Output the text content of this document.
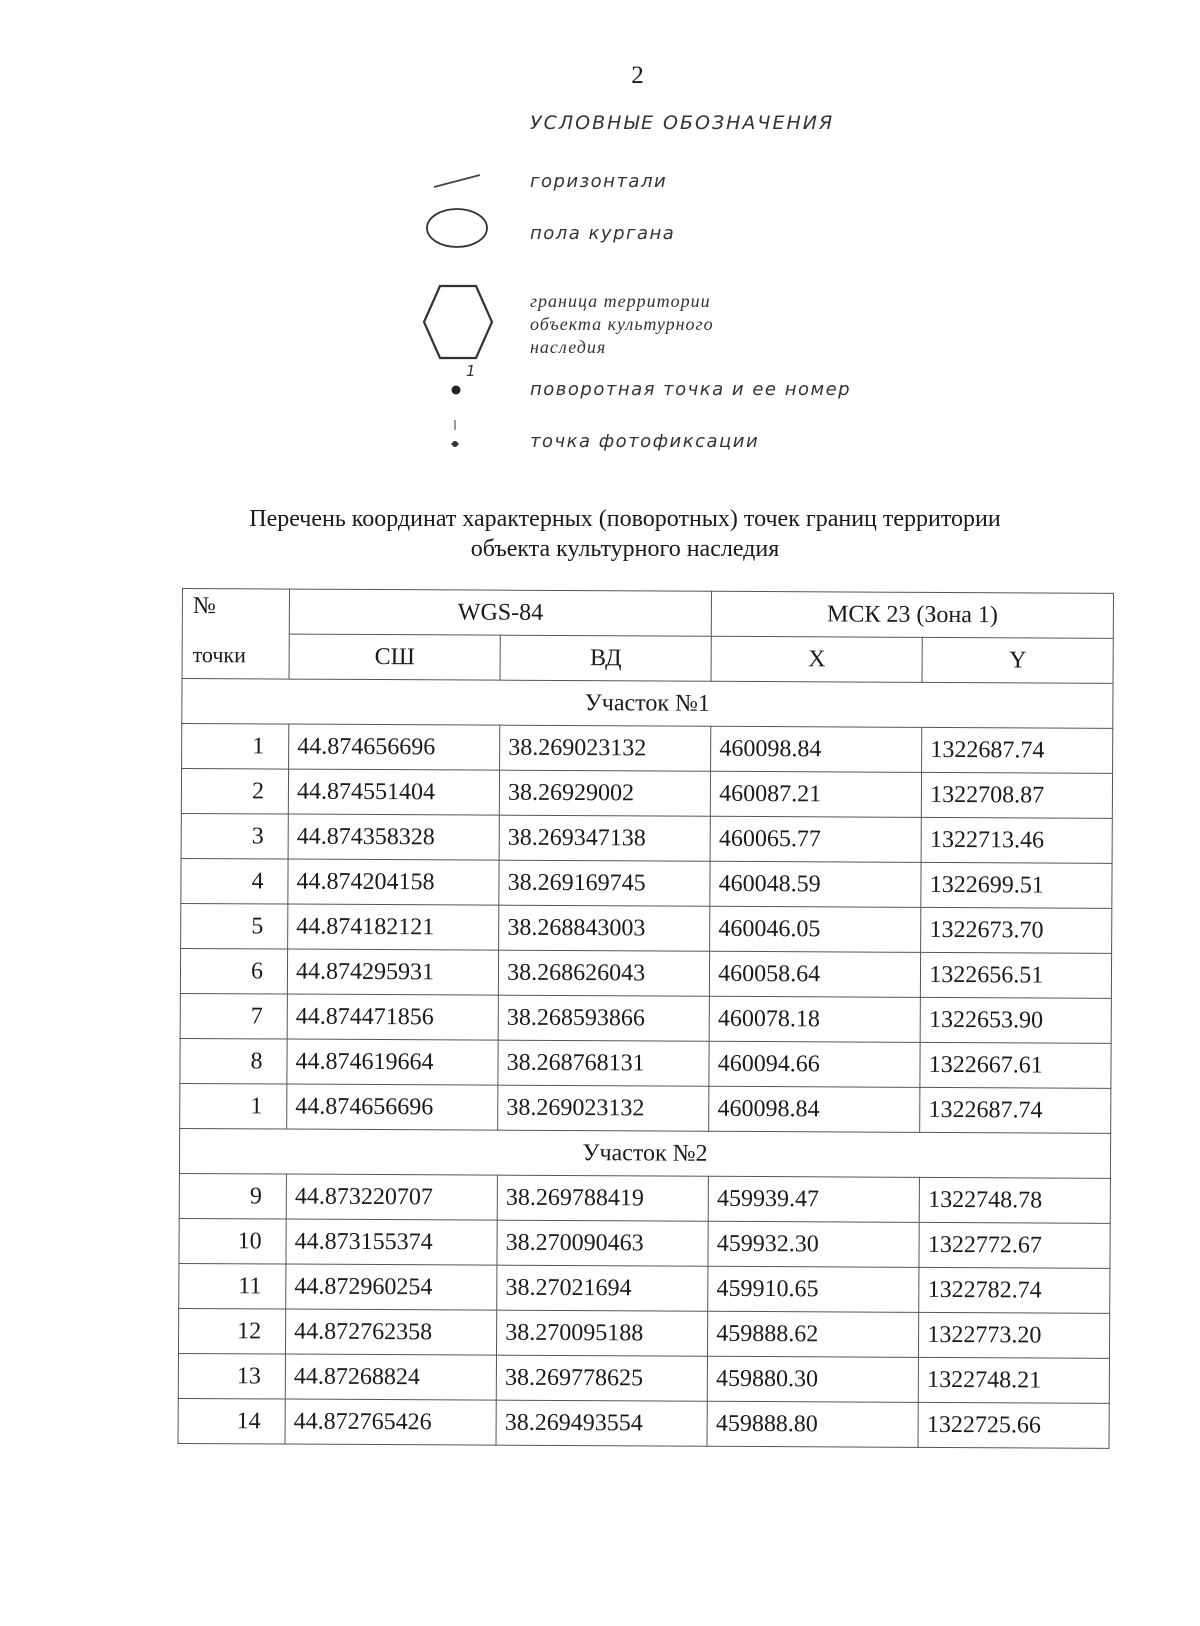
2
УСЛОВНЫЕ ОБОЗНАЧЕНИЯ
горизонтали
пола кургана
граница территории
объекта культурного
наследия
1
поворотная точка и ее номер
точка фотофиксации
Перечень координат характерных (поворотных) точек границ территории
объекта культурного наследия
№
точки	WGS-84		МСК 23 (Зона 1)	
	СШ	ВД	X	Y
Участок №1				
1	44.874656696	38.269023132	460098.84	1322687.74
2	44.874551404	38.26929002	460087.21	1322708.87
3	44.874358328	38.269347138	460065.77	1322713.46
4	44.874204158	38.269169745	460048.59	1322699.51
5	44.874182121	38.268843003	460046.05	1322673.70
6	44.874295931	38.268626043	460058.64	1322656.51
7	44.874471856	38.268593866	460078.18	1322653.90
8	44.874619664	38.268768131	460094.66	1322667.61
1	44.874656696	38.269023132	460098.84	1322687.74
Участок №2				
9	44.873220707	38.269788419	459939.47	1322748.78
10	44.873155374	38.270090463	459932.30	1322772.67
11	44.872960254	38.27021694	459910.65	1322782.74
12	44.872762358	38.270095188	459888.62	1322773.20
13	44.87268824	38.269778625	459880.30	1322748.21
14	44.872765426	38.269493554	459888.80	1322725.66
